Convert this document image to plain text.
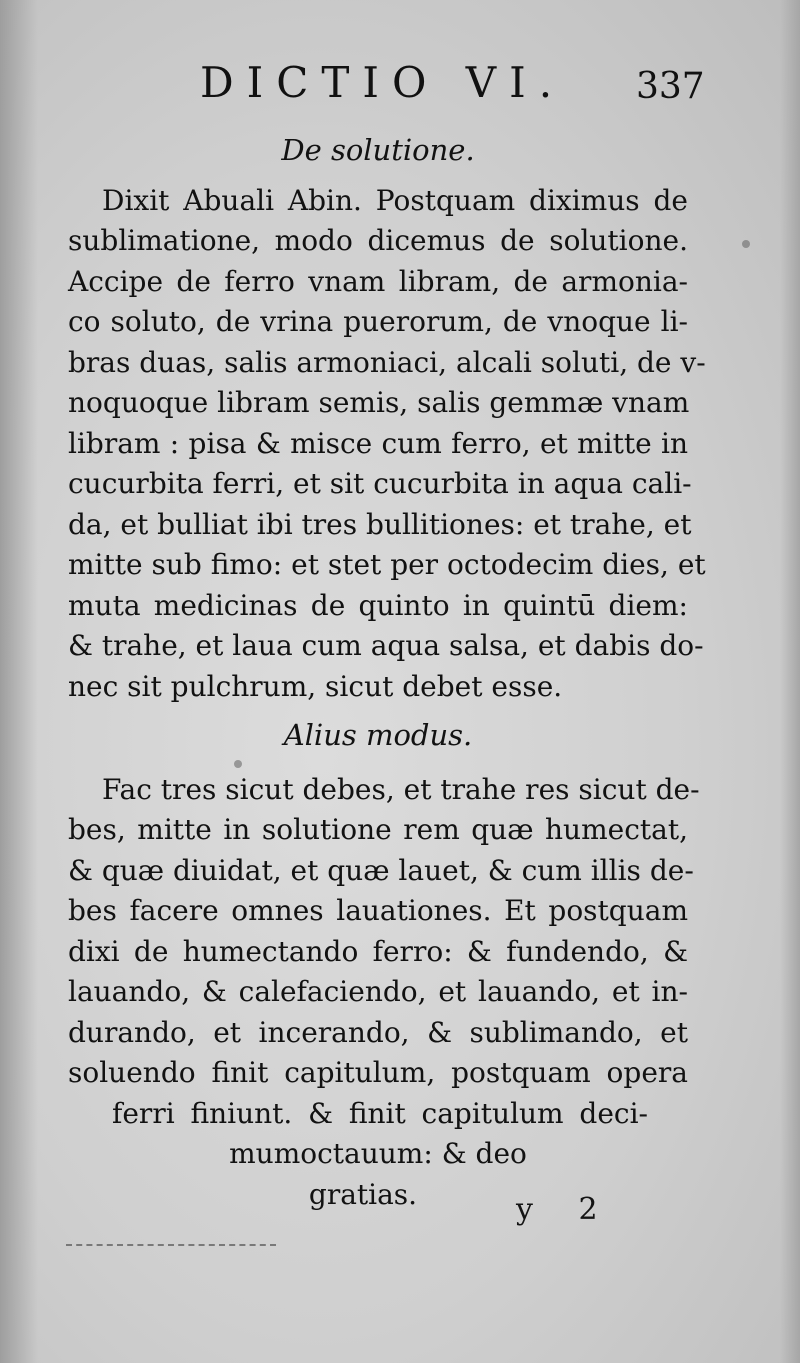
DICTIO VI. 337

De solutione.

Dixit Abuali Abin. Postquam diximus de
sublimatione, modo dicemus de solutione.
Accipe de ferro vnam libram, de armonia-
co soluto, de vrina puerorum, de vnoque li-
bras duas, salis armoniaci, alcali soluti, de v-
noquoque libram semis, salis gemmæ vnam
libram : pisa & misce cum ferro, et mitte in
cucurbita ferri, et sit cucurbita in aqua cali-
da, et bulliat ibi tres bullitiones: et trahe, et
mitte sub fimo: et stet per octodecim dies, et
muta medicinas de quinto in quintū diem:
& trahe, et laua cum aqua salsa, et dabis do-
nec sit pulchrum, sicut debet esse.

Alius modus.

Fac tres sicut debes, et trahe res sicut de-
bes, mitte in solutione rem quæ humectat,
& quæ diuidat, et quæ lauet, & cum illis de-
bes facere omnes lauationes. Et postquam
dixi de humectando ferro: & fundendo, &
lauando, & calefaciendo, et lauando, et in-
durando, et incerando, & sublimando, et
soluendo finit capitulum, postquam opera
ferri finiunt. & finit capitulum deci-
mumoctauum: & deo
gratias.	y 2
